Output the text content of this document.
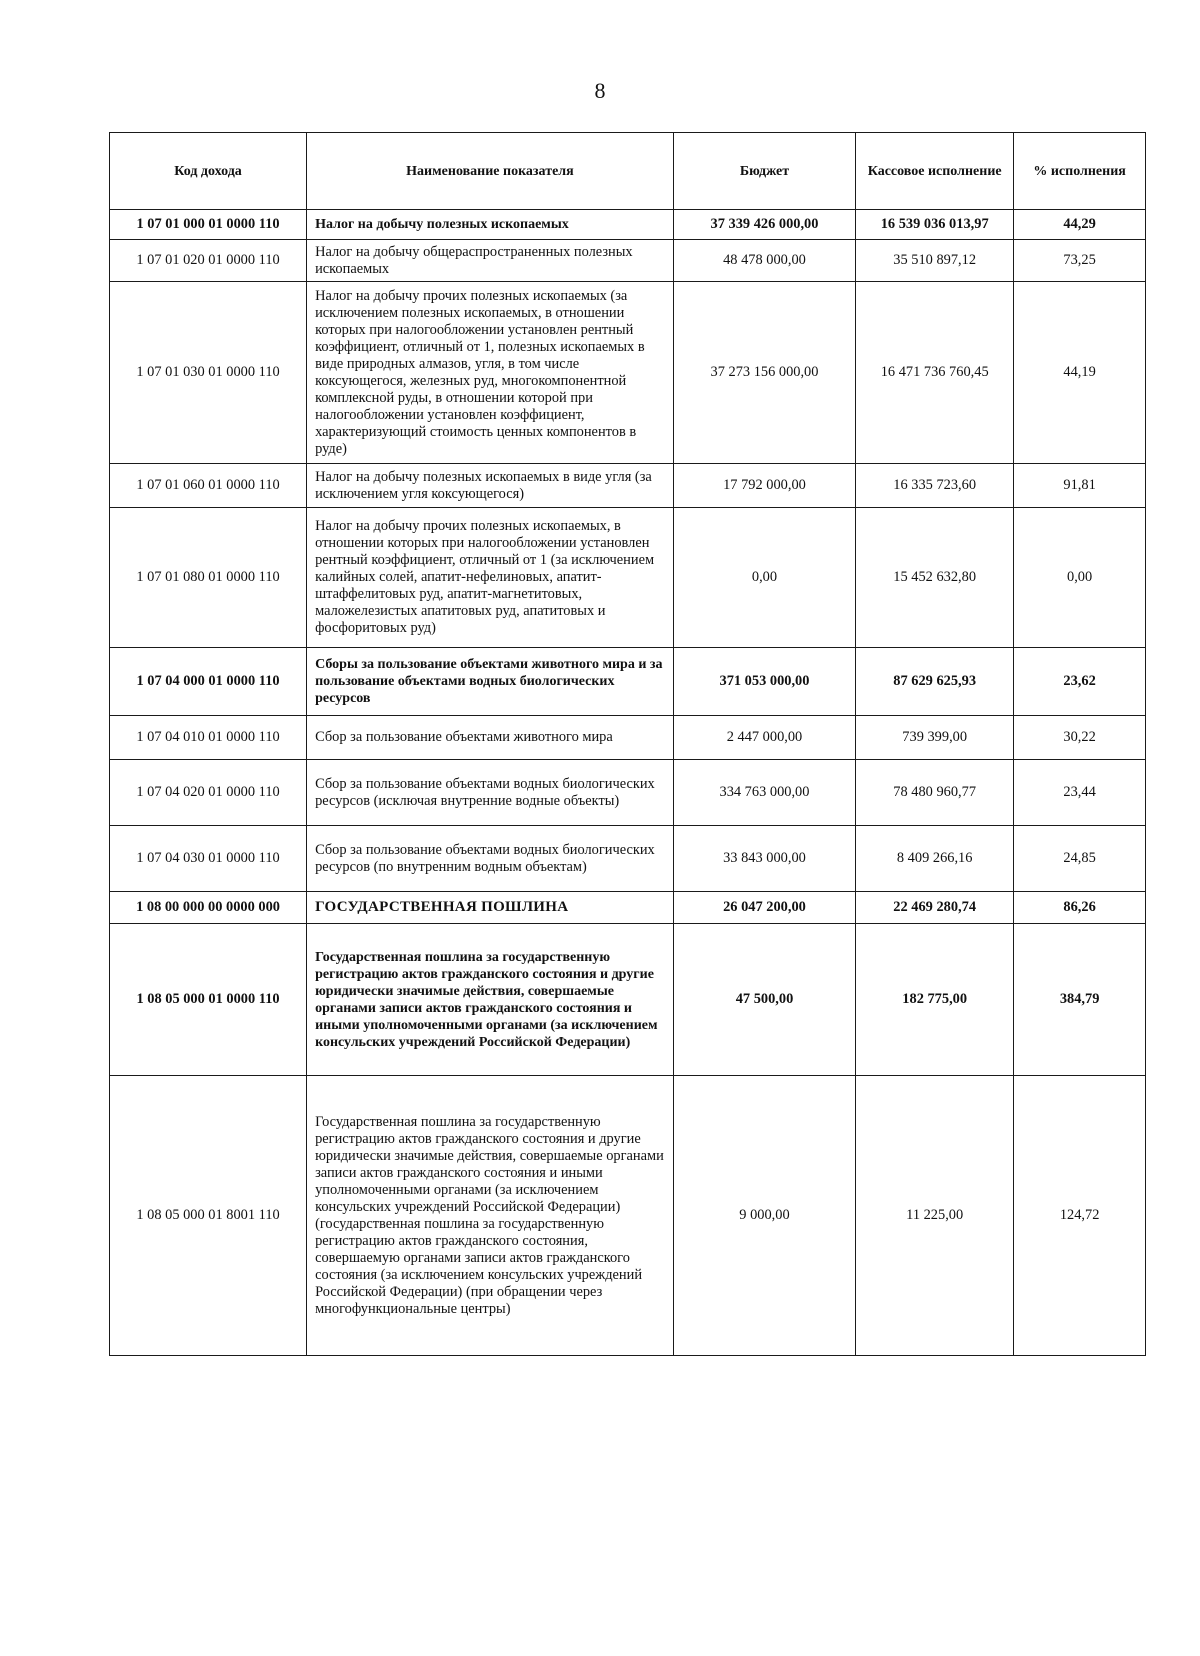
8
Код дохода	Наименование показателя	Бюджет	Кассовое исполнение	% исполнения
1 07 01 000 01 0000 110	Налог на добычу полезных ископаемых	37 339 426 000,00	16 539 036 013,97	44,29
1 07 01 020 01 0000 110	Налог на добычу общераспространенных полезных ископаемых	48 478 000,00	35 510 897,12	73,25
1 07 01 030 01 0000 110	Налог на добычу прочих полезных ископаемых (за исключением полезных ископаемых, в отношении которых при налогообложении установлен рентный коэффициент, отличный от 1, полезных ископаемых в виде природных алмазов, угля, в том числе коксующегося, железных руд, многокомпонентной комплексной руды, в отношении которой при налогообложении установлен коэффициент, характеризующий стоимость ценных компонентов в руде)	37 273 156 000,00	16 471 736 760,45	44,19
1 07 01 060 01 0000 110	Налог на добычу полезных ископаемых в виде угля (за исключением угля коксующегося)	17 792 000,00	16 335 723,60	91,81
1 07 01 080 01 0000 110	Налог на добычу прочих полезных ископаемых, в отношении которых при налогообложении установлен рентный коэффициент, отличный от 1 (за исключением калийных солей, апатит-нефелиновых, апатит-штаффелитовых руд, апатит-магнетитовых, маложелезистых апатитовых руд, апатитовых и фосфоритовых руд)	0,00	15 452 632,80	0,00
1 07 04 000 01 0000 110	Сборы за пользование объектами животного мира и за пользование объектами водных биологических ресурсов	371 053 000,00	87 629 625,93	23,62
1 07 04 010 01 0000 110	Сбор за пользование объектами животного мира	2 447 000,00	739 399,00	30,22
1 07 04 020 01 0000 110	Сбор за пользование объектами водных биологических ресурсов (исключая внутренние водные объекты)	334 763 000,00	78 480 960,77	23,44
1 07 04 030 01 0000 110	Сбор за пользование объектами водных биологических ресурсов (по внутренним водным объектам)	33 843 000,00	8 409 266,16	24,85
1 08 00 000 00 0000 000	ГОСУДАРСТВЕННАЯ ПОШЛИНА	26 047 200,00	22 469 280,74	86,26
1 08 05 000 01 0000 110	Государственная пошлина за государственную регистрацию актов гражданского состояния и другие юридически значимые действия, совершаемые органами записи актов гражданского состояния и иными уполномоченными органами (за исключением консульских учреждений Российской Федерации)	47 500,00	182 775,00	384,79
1 08 05 000 01 8001 110	Государственная пошлина за государственную регистрацию актов гражданского состояния и другие юридически значимые действия, совершаемые органами записи актов гражданского состояния и иными уполномоченными органами (за исключением консульских учреждений Российской Федерации) (государственная пошлина за государственную регистрацию актов гражданского состояния, совершаемую органами записи актов гражданского состояния (за исключением консульских учреждений Российской Федерации) (при обращении через многофункциональные центры)	9 000,00	11 225,00	124,72
